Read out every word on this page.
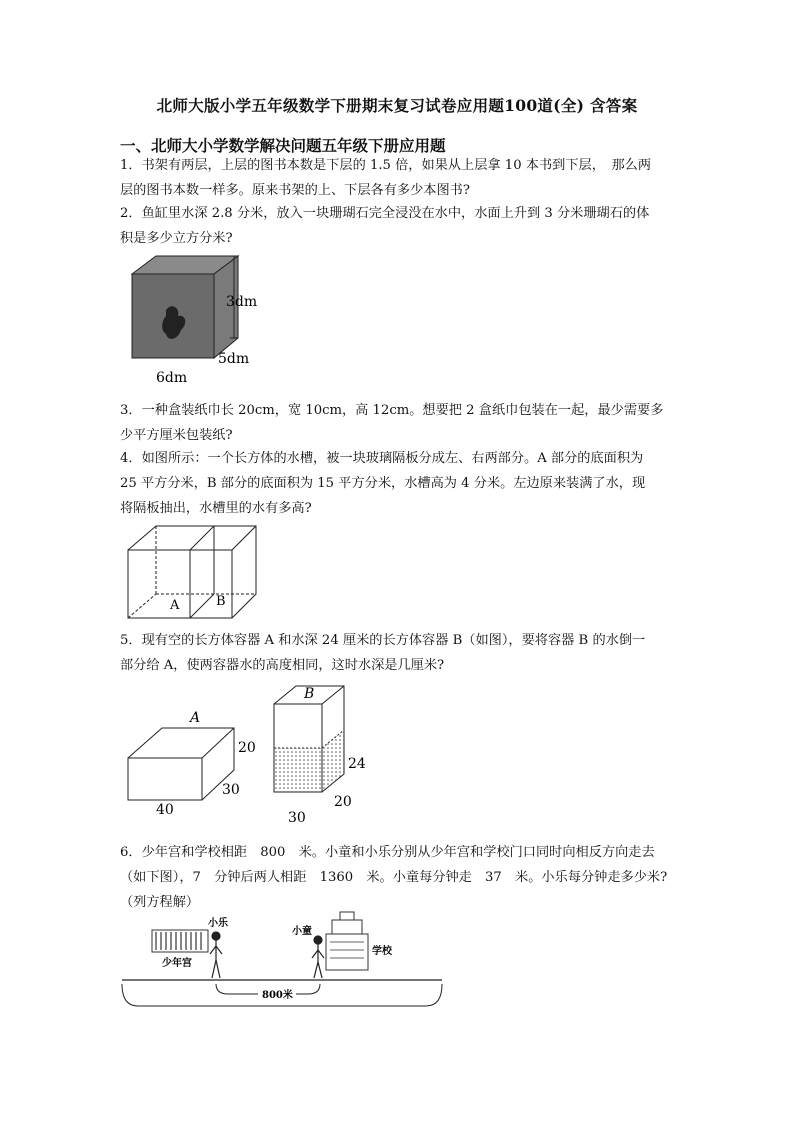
北师大版小学五年级数学下册期末复习试卷应用题100道(全) 含答案
一、北师大小学数学解决问题五年级下册应用题
1．书架有两层，上层的图书本数是下层的 1.5 倍，如果从上层拿 10 本书到下层，　那么两
层的图书本数一样多。原来书架的上、下层各有多少本图书?
2．鱼缸里水深 2.8 分米，放入一块珊瑚石完全浸没在水中，水面上升到 3 分米珊瑚石的体
积是多少立方分米?
3dm
5dm
6dm
3．一种盒装纸巾长 20cm，宽 10cm，高 12cm。想要把 2 盒纸巾包装在一起，最少需要多
少平方厘米包装纸?
4．如图所示：一个长方体的水槽，被一块玻璃隔板分成左、右两部分。A 部分的底面积为
25 平方分米，B 部分的底面积为 15 平方分米，水槽高为 4 分米。左边原来装满了水，现
将隔板抽出，水槽里的水有多高?
A	B
5．现有空的长方体容器 A 和水深 24 厘米的长方体容器 B（如图），要将容器 B 的水倒一
部分给 A，使两容器水的高度相同，这时水深是几厘米?
A
20
30
40
B
24
20
30
6．少年宫和学校相距　800　米。小童和小乐分别从少年宫和学校门口同时向相反方向走去
（如下图），7　分钟后两人相距　1360　米。小童每分钟走　37　米。小乐每分钟走多少米?
（列方程解）
少年宫
小乐
小童
学校
800米
